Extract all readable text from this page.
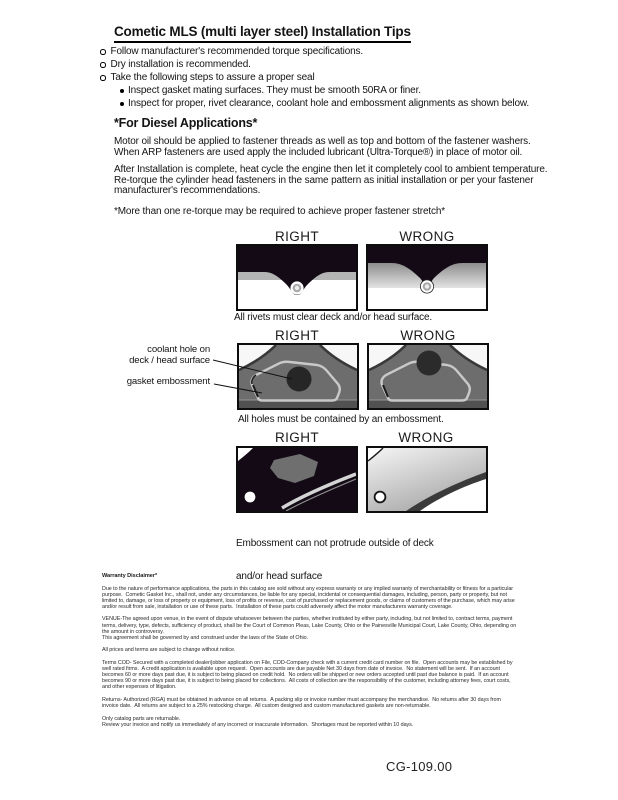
Cometic MLS (multi layer steel) Installation Tips
Follow manufacturer's recommended torque specifications.
Dry installation is recommended.
Take the following steps to assure a proper seal
Inspect gasket mating surfaces. They must be smooth 50RA or finer.
Inspect for proper, rivet clearance, coolant hole and embossment alignments as shown below.
*For Diesel Applications*
Motor oil should be applied to fastener threads as well as top and bottom of the fastener washers. When ARP fasteners are used apply the included lubricant (Ultra-Torque®) in place of motor oil.
After Installation is complete, heat cycle the engine then let it completely cool to ambient temperature. Re-torque the cylinder head fasteners in the same pattern as initial installation or per your fastener manufacturer's recommendations.
*More than one re-torque may be required to achieve proper fastener stretch*
RIGHT	WRONG
All rivets must clear deck and/or head surface.
RIGHT	WRONG
coolant hole on
deck / head surface
gasket embossment
All holes must be contained by an embossment.
RIGHT	WRONG

Embossment can not protrude outside of deck

and/or head surface

Warranty Disclaimer*

Due to the nature of performance applications, the parts in this catalog are sold without any express warranty or any implied warranty of merchantability or fitness for a particular purpose.  Cometic Gasket Inc., shall not, under any circumstances, be liable for any special, incidental or consequential damages, including, person, party or property, but not limited to, damage, or loss of property or equipment, loss of profits or revenue, cost of purchased or replacement goods, or claims of customers of the purchase, which may arise and/or result from sale, installation or use of these parts.  Installation of these parts could adversely affect the motor manufacturers warranty coverage.

VENUE-The agreed upon venue, in the event of dispute whatsoever between the parties, whether instituted by either party, including, but not limited to, contract terms, payment terms, delivery, type, defects, sufficiency of product, shall be the Court of Common Pleas, Lake County, Ohio or the Painesville Municipal Court, Lake County, Ohio, depending on the amount in controversy.

This agreement shall be governed by and construed under the laws of the State of Ohio.

All prices and terms are subject to change without notice.

Terms COD- Secured with a completed dealer/jobber application on File, COD-Company check with a current credit card number on file.  Open accounts may be established by well rated firms.  A credit application is available upon request.  Open accounts are due payable Net 30 days from date of invoice.  No statement will be sent.  If an account becomes 60 or more days past due, it is subject to being placed on credit hold.  No orders will be shipped or new orders accepted until past due balance is paid.  If an account becomes 90 or more days past due, it is subject to being placed for collections.  All costs of collection are the responsibility of the customer, including attorney fees, court costs, and other expenses of litigation.

Returns- Authorized (RGA) must be obtained in advance on all returns.  A packing slip or invoice number must accompany the merchandise.  No returns after 30 days from invoice date.  All returns are subject to a 25% restocking charge.  All custom designed and custom manufactured gaskets are non-returnable.

Only catalog parts are returnable.

Review your invoice and notify us immediately of any incorrect or inaccurate information.  Shortages must be reported within 10 days.

CG-109.00
